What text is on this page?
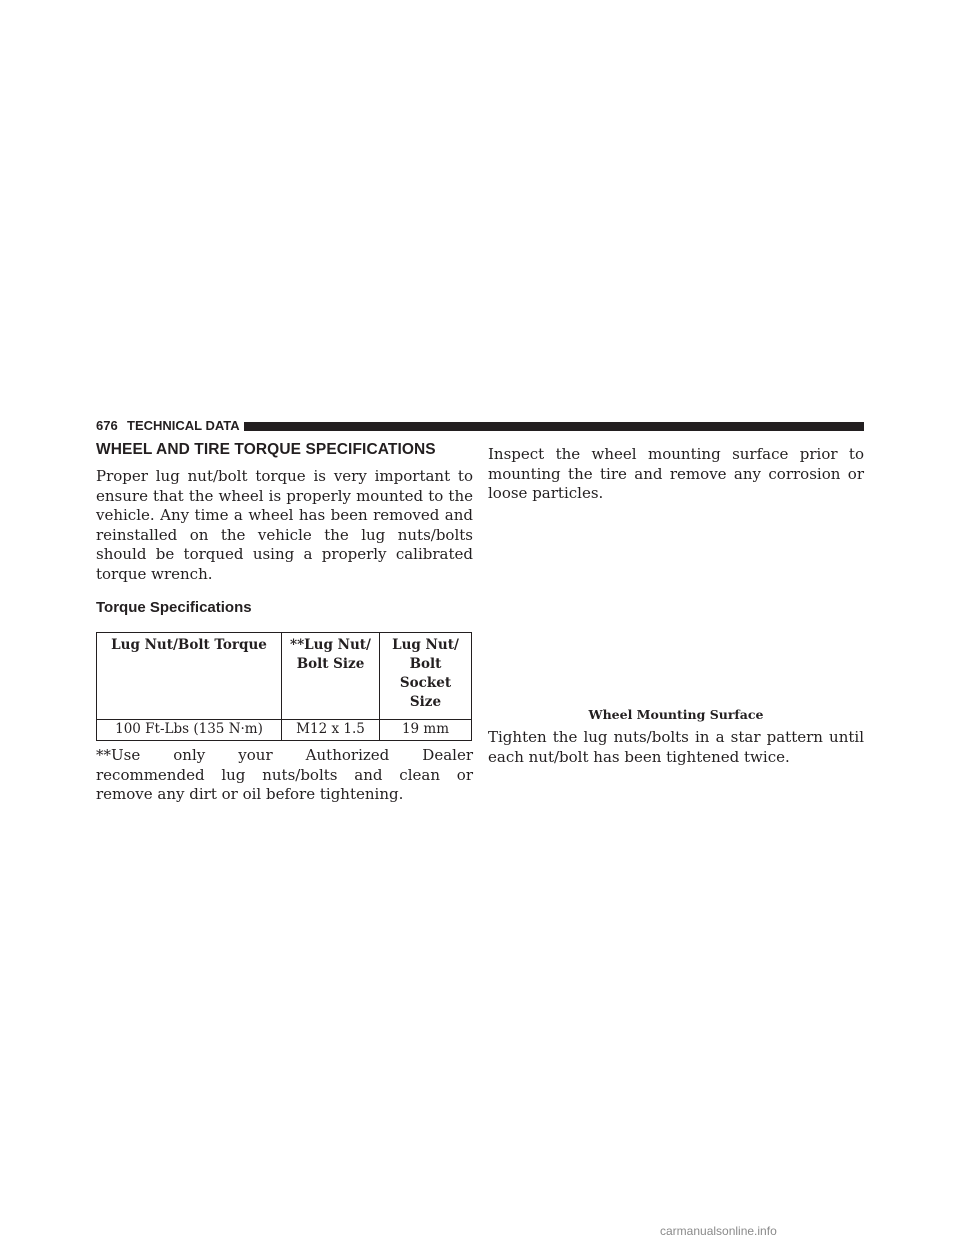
676 TECHNICAL DATA
WHEEL AND TIRE TORQUE SPECIFICATIONS

Proper lug nut/bolt torque is very important to ensure that the wheel is properly mounted to the vehicle. Any time a wheel has been removed and reinstalled on the vehicle the lug nuts/bolts should be torqued using a properly calibrated torque wrench.

Torque Specifications
Lug Nut/Bolt Torque	**Lug Nut/ Bolt Size	Lug Nut/ Bolt Socket Size
100 Ft-Lbs (135 N·m)	M12 x 1.5	19 mm

**Use only your Authorized Dealer recommended lug nuts/bolts and clean or remove any dirt or oil before tightening.

Inspect the wheel mounting surface prior to mounting the tire and remove any corrosion or loose particles.

Wheel Mounting Surface

Tighten the lug nuts/bolts in a star pattern until each nut/bolt has been tightened twice.

carmanualsonline.info
